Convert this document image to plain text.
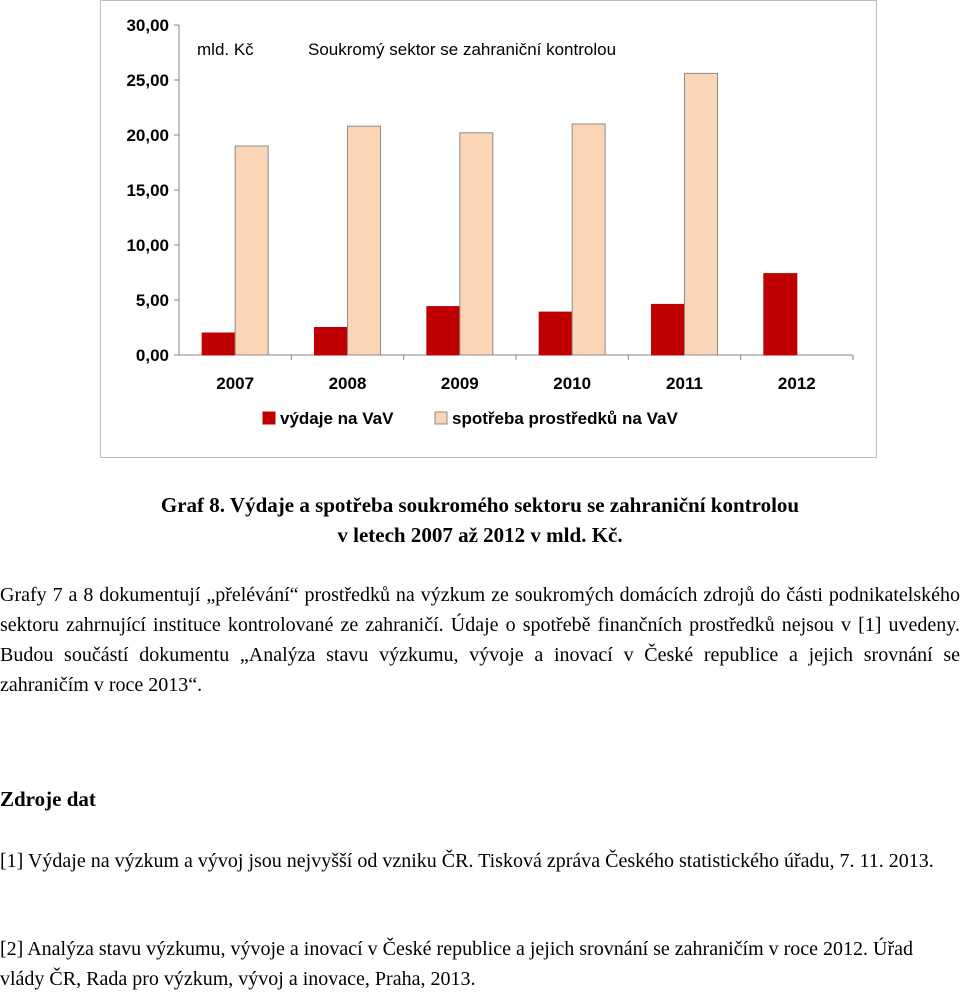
0,00
5,00
10,00
15,00
20,00
25,00
30,00
2007	2008	2009	2010	2011	2012
mld. Kč	Soukromý sektor se zahraniční kontrolou
výdaje na VaV	spotřeba prostředků na VaV
Graf 8. Výdaje a spotřeba soukromého sektoru se zahraniční kontrolou
v letech 2007 až 2012 v mld. Kč.

Grafy 7 a 8 dokumentují „přelévání“ prostředků na výzkum ze soukromých domácích zdrojů do části podnikatelského sektoru zahrnující instituce kontrolované ze zahraničí. Údaje o spotřebě finančních prostředků nejsou v [1] uvedeny. Budou součástí dokumentu „Analýza stavu výzkumu, vývoje a inovací v České republice a jejich srovnání se zahraničím v roce 2013“.

Zdroje dat

[1] Výdaje na výzkum a vývoj jsou nejvyšší od vzniku ČR. Tisková zpráva Českého statistického úřadu, 7. 11. 2013.

[2] Analýza stavu výzkumu, vývoje a inovací v České republice a jejich srovnání se zahraničím v roce 2012. Úřad vlády ČR, Rada pro výzkum, vývoj a inovace, Praha, 2013.
